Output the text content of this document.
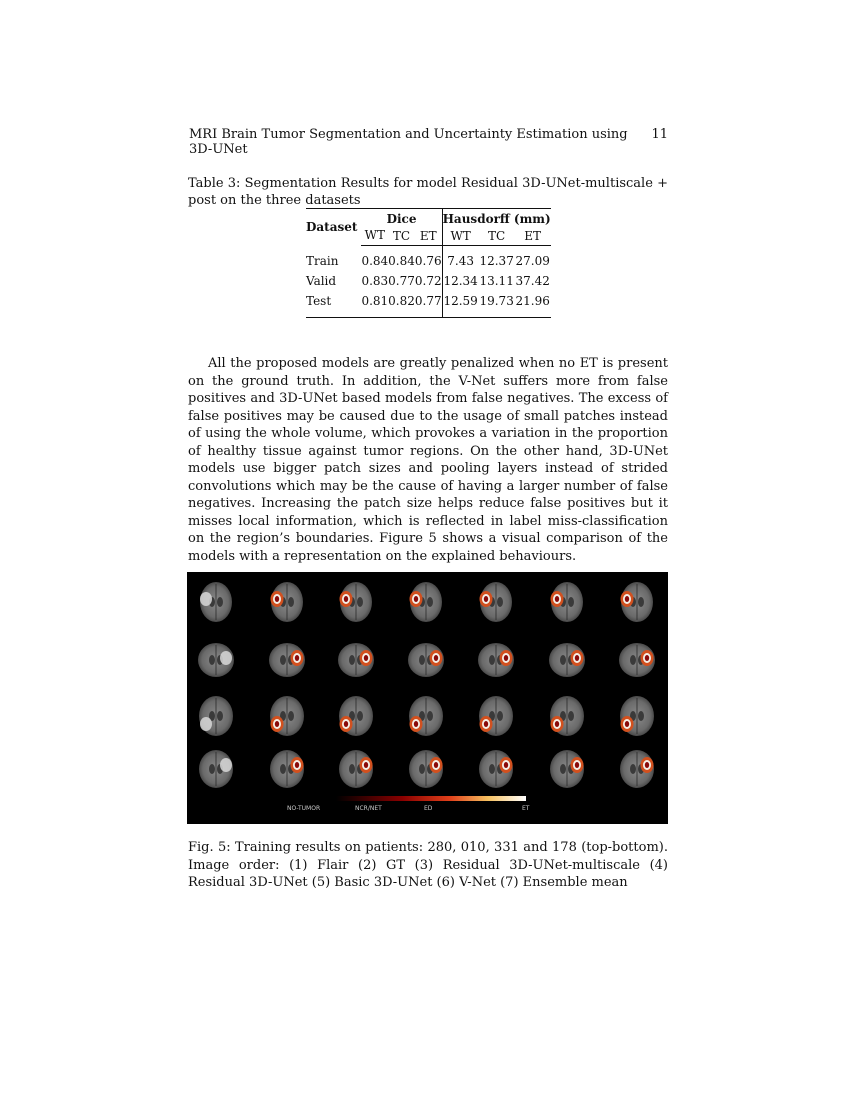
MRI Brain Tumor Segmentation and Uncertainty Estimation using 3D-UNet
11
Table 3: Segmentation Results for model Residual 3D-UNet-multiscale + post on the three datasets
Dataset	Dice			Hausdorff (mm)		
	WT	TC	ET	WT	TC	ET
Train	0.84	0.84	0.76	7.43	12.37	27.09
Valid	0.83	0.77	0.72	12.34	13.11	37.42
Test	0.81	0.82	0.77	12.59	19.73	21.96

All the proposed models are greatly penalized when no ET is present on the ground truth. In addition, the V-Net suffers more from false positives and 3D-UNet based models from false negatives. The excess of false positives may be caused due to the usage of small patches instead of using the whole volume, which provokes a variation in the proportion of healthy tissue against tumor regions. On the other hand, 3D-UNet models use bigger patch sizes and pooling layers instead of strided convolutions which may be the cause of having a larger number of false negatives. Increasing the patch size helps reduce false positives but it misses local information, which is reflected in label miss-classification on the region’s boundaries. Figure 5 shows a visual comparison of the models with a representation on the explained behaviours.

NO-TUMOR	NCR/NET	ED	ET
Fig. 5: Training results on patients: 280, 010, 331 and 178 (top-bottom). Image order: (1) Flair (2) GT (3) Residual 3D-UNet-multiscale (4) Residual 3D-UNet (5) Basic 3D-UNet (6) V-Net (7) Ensemble mean
